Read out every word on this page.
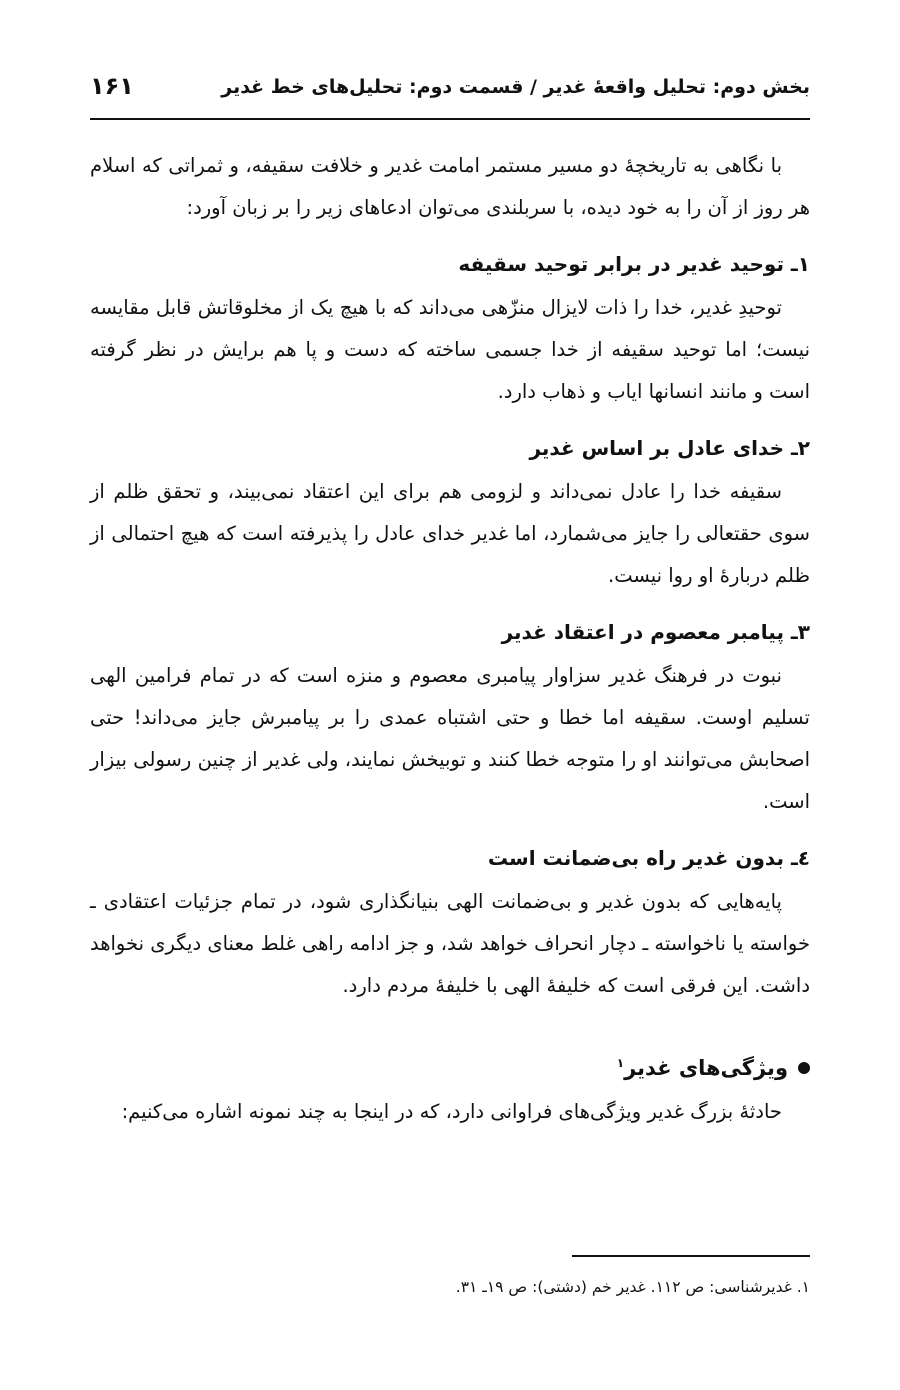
بخش دوم: تحلیل واقعهٔ غدیر / قسمت دوم: تحلیل‌های خط غدیر
۱۶۱

با نگاهی به تاریخچهٔ دو مسیر مستمر امامت غدیر و خلافت سقیفه، و ثمراتی که اسلام هر روز از آن را به خود دیده، با سربلندی می‌توان ادعاهای زیر را بر زبان آورد:

۱ـ توحید غدیر در برابر توحید سقیفه

توحیدِ غدیر، خدا را ذات لایزال منزّهی می‌داند که با هیچ یک از مخلوقاتش قابل مقایسه نیست؛ اما توحید سقیفه از خدا جسمی ساخته که دست و پا هم برایش در نظر گرفته است و مانند انسانها ایاب و ذهاب دارد.

۲ـ خدای عادل بر اساس غدیر

سقیفه خدا را عادل نمی‌داند و لزومی هم برای این اعتقاد نمی‌بیند، و تحقق ظلم از سوی حقتعالی را جایز می‌شمارد، اما غدیر خدای عادل را پذیرفته است که هیچ احتمالی از ظلم دربارهٔ او روا نیست.

۳ـ پیامبر معصوم در اعتقاد غدیر

نبوت در فرهنگ غدیر سزاوار پیامبری معصوم و منزه است که در تمام فرامین الهی تسلیم اوست. سقیفه اما خطا و حتی اشتباه عمدی را بر پیامبرش جایز می‌داند! حتی اصحابش می‌توانند او را متوجه خطا کنند و توبیخش نمایند، ولی غدیر از چنین رسولی بیزار است.

٤ـ بدون غدیر راه بی‌ضمانت است

پایه‌هایی که بدون غدیر و بی‌ضمانت الهی بنیانگذاری شود، در تمام جزئیات اعتقادی ـ خواسته یا ناخواسته ـ دچار انحراف خواهد شد، و جز ادامه راهی غلط معنای دیگری نخواهد داشت. این فرقی است که خلیفهٔ الهی با خلیفهٔ مردم دارد.

ویژگی‌های غدیر$^۱$

حادثهٔ بزرگ غدیر ویژگی‌های فراوانی دارد، که در اینجا به چند نمونه اشاره می‌کنیم:

۱. غدیرشناسی: ص ۱۱۲. غدیر خم (دشتی): ص ۱۹ـ ۳۱.
